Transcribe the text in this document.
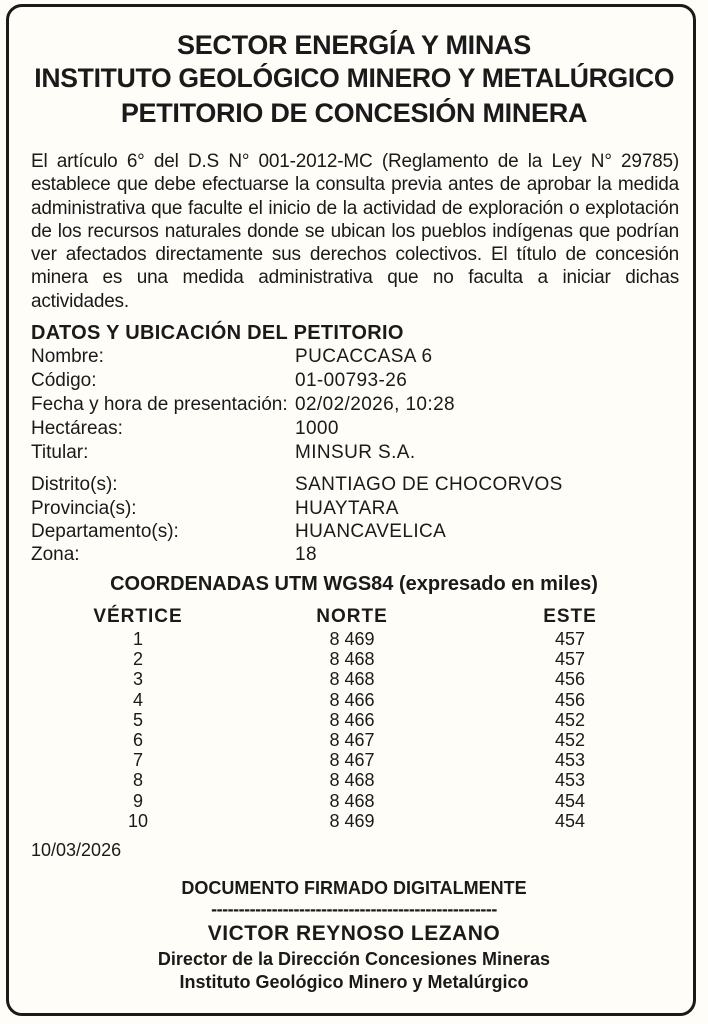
SECTOR ENERGÍA Y MINAS
INSTITUTO GEOLÓGICO MINERO Y METALÚRGICO
PETITORIO DE CONCESIÓN MINERA
El artículo 6° del D.S N° 001-2012-MC (Reglamento de la Ley N° 29785) establece que debe efectuarse la consulta previa antes de aprobar la medida administrativa que faculte el inicio de la actividad de exploración o explotación de los recursos naturales donde se ubican los pueblos indígenas que podrían ver afectados directamente sus derechos colectivos. El título de concesión minera es una medida administrativa que no faculta a iniciar dichas actividades.
DATOS Y UBICACIÓN DEL PETITORIO
Nombre:	PUCACCASA 6
Código:	01-00793-26
Fecha y hora de presentación: 02/02/2026, 10:28
Hectáreas:	1000
Titular:	MINSUR S.A.
Distrito(s):	SANTIAGO DE CHOCORVOS
Provincia(s):	HUAYTARA
Departamento(s):	HUANCAVELICA
Zona:	18
COORDENADAS UTM WGS84 (expresado en miles)
VÉRTICE	NORTE	ESTE
1	8 469	457
2	8 468	457
3	8 468	456
4	8 466	456
5	8 466	452
6	8 467	452
7	8 467	453
8	8 468	453
9	8 468	454
10	8 469	454
10/03/2026
DOCUMENTO FIRMADO DIGITALMENTE
----------------------------------------------------
VICTOR REYNOSO LEZANO
Director de la Dirección Concesiones Mineras
Instituto Geológico Minero y Metalúrgico
